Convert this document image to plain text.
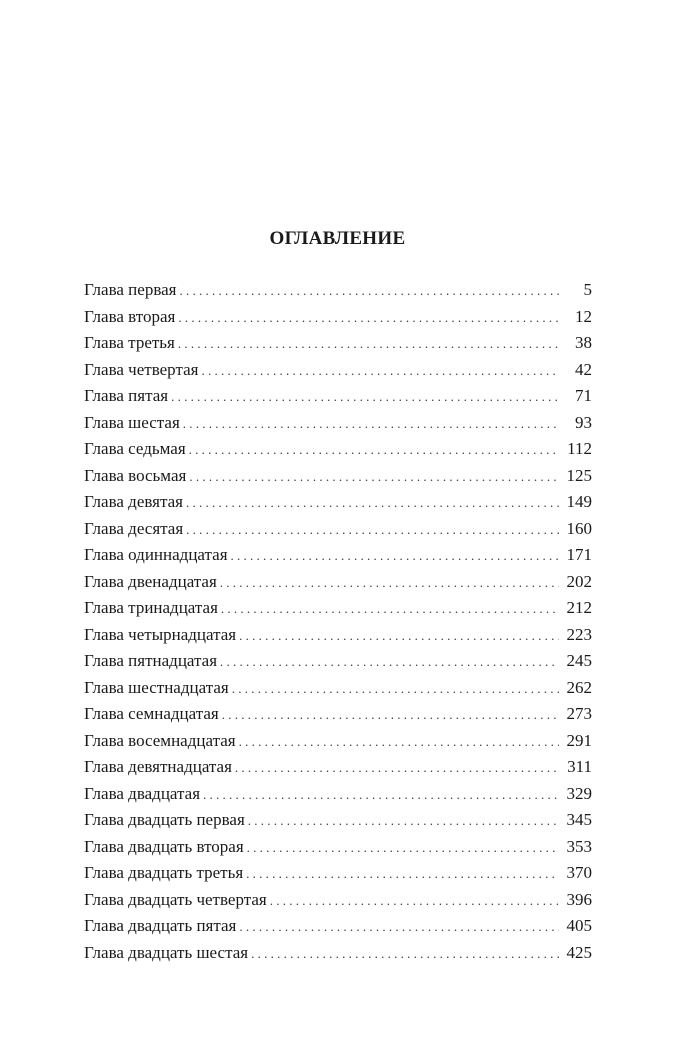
ОГЛАВЛЕНИЕ
Глава первая . . .	5
Глава вторая . . .	12
Глава третья . . .	38
Глава четвертая . . .	42
Глава пятая . . .	71
Глава шестая . . .	93
Глава седьмая . . .	112
Глава восьмая . . .	125
Глава девятая . . .	149
Глава десятая . . .	160
Глава одиннадцатая . . .	171
Глава двенадцатая . . .	202
Глава тринадцатая . . .	212
Глава четырнадцатая . . .	223
Глава пятнадцатая . . .	245
Глава шестнадцатая . . .	262
Глава семнадцатая . . .	273
Глава восемнадцатая . . .	291
Глава девятнадцатая . . .	311
Глава двадцатая . . .	329
Глава двадцать первая . . .	345
Глава двадцать вторая . . .	353
Глава двадцать третья . . .	370
Глава двадцать четвертая . . .	396
Глава двадцать пятая . . .	405
Глава двадцать шестая . . .	425
